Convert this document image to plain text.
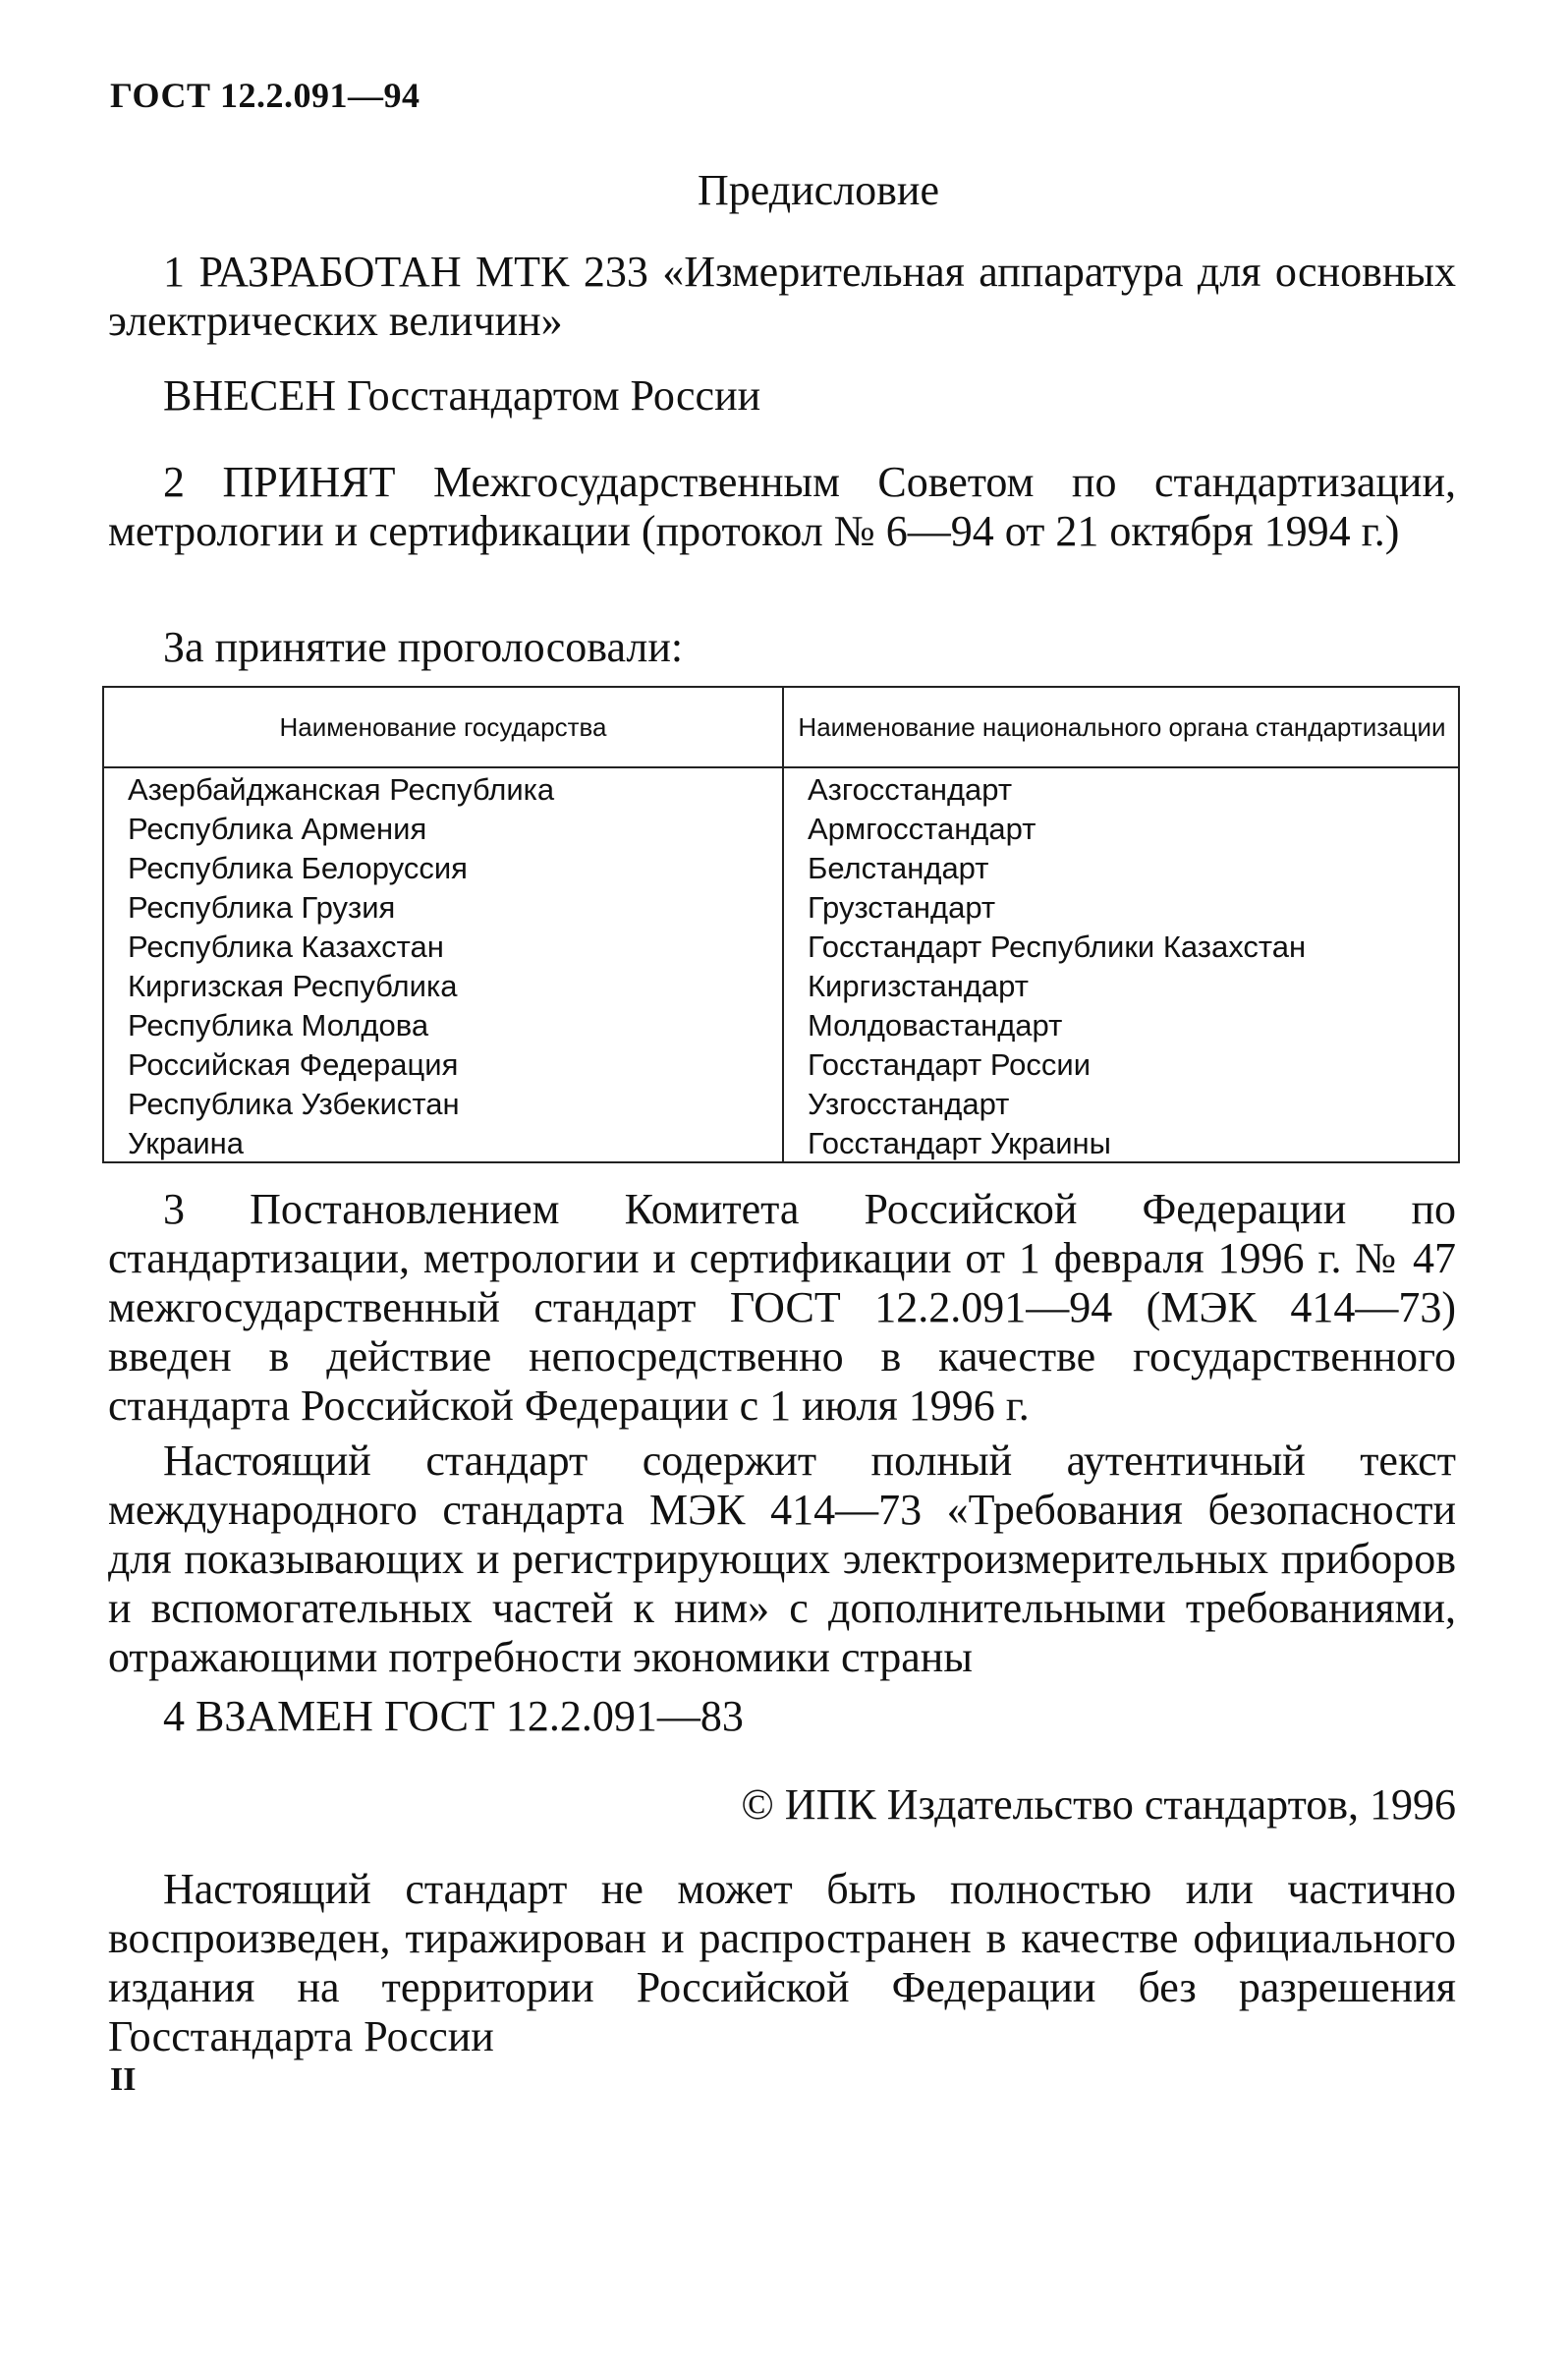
ГОСТ 12.2.091—94
Предисловие

1 РАЗРАБОТАН МТК 233 «Измерительная аппаратура для основных электрических величин»

ВНЕСЕН Госстандартом России

2 ПРИНЯТ Межгосударственным Советом по стандартизации, метрологии и сертификации (протокол № 6—94 от 21 октября 1994 г.)

За принятие проголосовали:

Наименование государства	Наименование национального органа стандартизации
Азербайджанская Республика	Азгосстандарт
Республика Армения	Армгосстандарт
Республика Белоруссия	Белстандарт
Республика Грузия	Грузстандарт
Республика Казахстан	Госстандарт Республики Казахстан
Киргизская Республика	Киргизстандарт
Республика Молдова	Молдовастандарт
Российская Федерация	Госстандарт России
Республика Узбекистан	Узгосстандарт
Украина	Госстандарт Украины

3 Постановлением Комитета Российской Федерации по стандартизации, метрологии и сертификации от 1 февраля 1996 г. № 47 межгосударственный стандарт ГОСТ 12.2.091—94 (МЭК 414—73) введен в действие непосредственно в качестве государственного стандарта Российской Федерации с 1 июля 1996 г.

Настоящий стандарт содержит полный аутентичный текст международного стандарта МЭК 414—73 «Требования безопасности для показывающих и регистрирующих электроизмерительных приборов и вспомогательных частей к ним» с дополнительными требованиями, отражающими потребности экономики страны

4 ВЗАМЕН ГОСТ 12.2.091—83

© ИПК Издательство стандартов, 1996

Настоящий стандарт не может быть полностью или частично воспроизведен, тиражирован и распространен в качестве официального издания на территории Российской Федерации без разрешения Госстандарта России

II
